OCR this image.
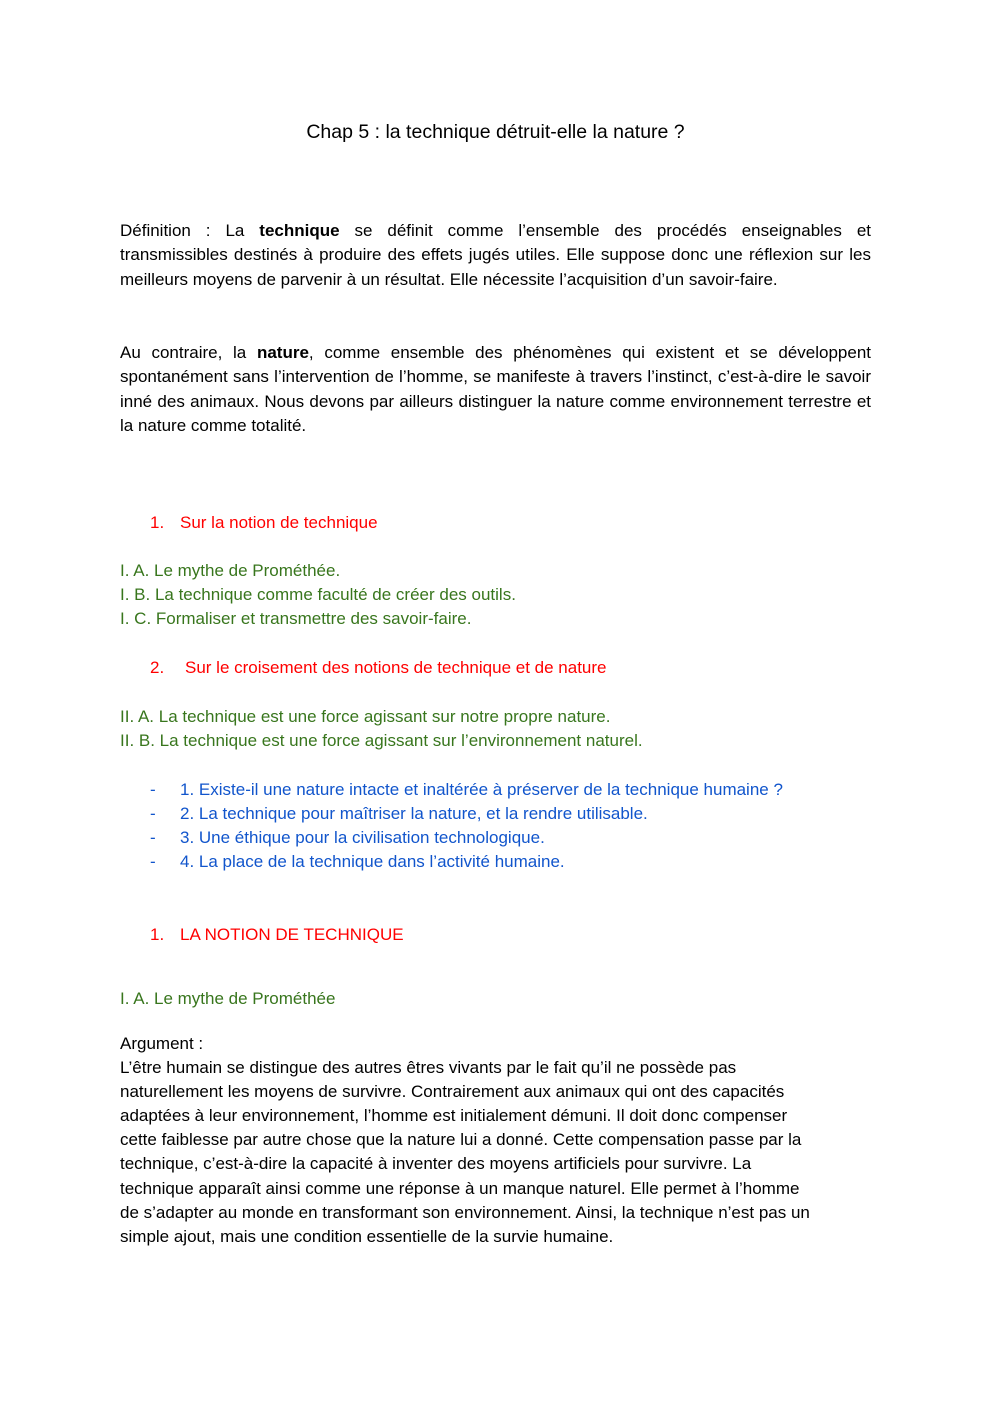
Chap 5 : la technique détruit-elle la nature ?

Définition : La technique se définit comme l’ensemble des procédés enseignables et transmissibles destinés à produire des effets jugés utiles. Elle suppose donc une réflexion sur les meilleurs moyens de parvenir à un résultat. Elle nécessite l’acquisition d’un savoir-faire.

Au contraire, la nature, comme ensemble des phénomènes qui existent et se développent spontanément sans l’intervention de l’homme, se manifeste à travers l’instinct, c’est-à-dire le savoir inné des animaux. Nous devons par ailleurs distinguer la nature comme environnement terrestre et la nature comme totalité.

1. Sur la notion de technique

I. A. Le mythe de Prométhée.

I. B. La technique comme faculté de créer des outils.

I. C. Formaliser et transmettre des savoir-faire.

2. Sur le croisement des notions de technique et de nature

II. A. La technique est une force agissant sur notre propre nature.

II. B. La technique est une force agissant sur l’environnement naturel.

- 1. Existe-il une nature intacte et inaltérée à préserver de la technique humaine ?
- 2. La technique pour maîtriser la nature, et la rendre utilisable.
- 3. Une éthique pour la civilisation technologique.
- 4. La place de la technique dans l’activité humaine.
1. LA NOTION DE TECHNIQUE

I. A. Le mythe de Prométhée

Argument :

L’être humain se distingue des autres êtres vivants par le fait qu’il ne possède pas

naturellement les moyens de survivre. Contrairement aux animaux qui ont des capacités

adaptées à leur environnement, l’homme est initialement démuni. Il doit donc compenser

cette faiblesse par autre chose que la nature lui a donné. Cette compensation passe par la

technique, c’est-à-dire la capacité à inventer des moyens artificiels pour survivre. La

technique apparaît ainsi comme une réponse à un manque naturel. Elle permet à l’homme

de s’adapter au monde en transformant son environnement. Ainsi, la technique n’est pas un

simple ajout, mais une condition essentielle de la survie humaine.
